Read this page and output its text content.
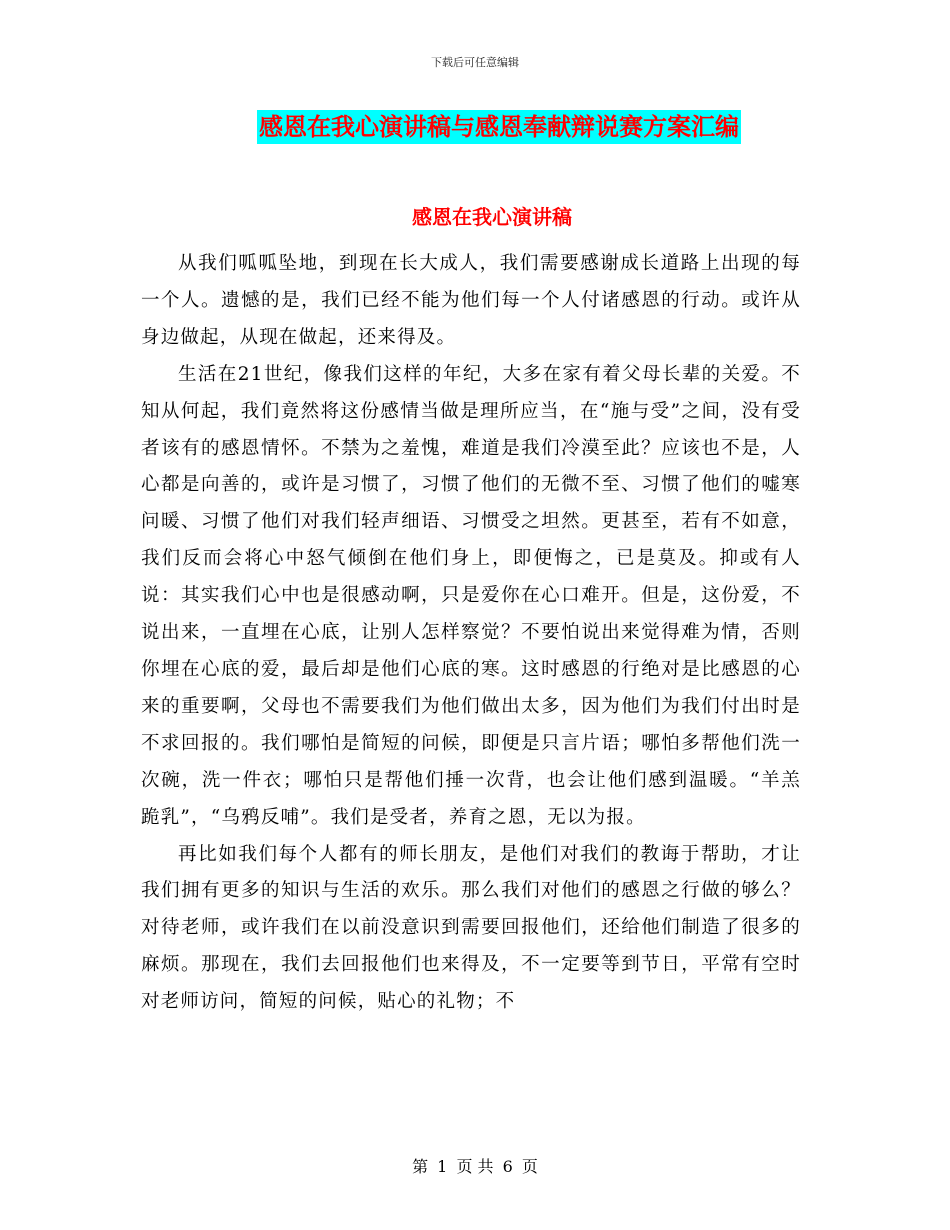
下载后可任意编辑
感恩在我心演讲稿与感恩奉献辩说赛方案汇编
感恩在我心演讲稿

从我们呱呱坠地，到现在长大成人，我们需要感谢成长道路上出现的每一个人。遗憾的是，我们已经不能为他们每一个人付诸感恩的行动。或许从身边做起，从现在做起，还来得及。

生活在21世纪，像我们这样的年纪，大多在家有着父母长辈的关爱。不知从何起，我们竟然将这份感情当做是理所应当，在“施与受”之间，没有受者该有的感恩情怀。不禁为之羞愧，难道是我们冷漠至此？应该也不是，人心都是向善的，或许是习惯了，习惯了他们的无微不至、习惯了他们的嘘寒问暖、习惯了他们对我们轻声细语、习惯受之坦然。更甚至，若有不如意，我们反而会将心中怒气倾倒在他们身上，即便悔之，已是莫及。抑或有人说：其实我们心中也是很感动啊，只是爱你在心口难开。但是，这份爱，不说出来，一直埋在心底，让别人怎样察觉？不要怕说出来觉得难为情，否则你埋在心底的爱，最后却是他们心底的寒。这时感恩的行绝对是比感恩的心来的重要啊，父母也不需要我们为他们做出太多，因为他们为我们付出时是不求回报的。我们哪怕是简短的问候，即便是只言片语；哪怕多帮他们洗一次碗，洗一件衣；哪怕只是帮他们捶一次背，也会让他们感到温暖。“羊羔跪乳”，“乌鸦反哺”。我们是受者，养育之恩，无以为报。

再比如我们每个人都有的师长朋友，是他们对我们的教诲于帮助，才让我们拥有更多的知识与生活的欢乐。那么我们对他们的感恩之行做的够么？对待老师，或许我们在以前没意识到需要回报他们，还给他们制造了很多的麻烦。那现在，我们去回报他们也来得及，不一定要等到节日，平常有空时对老师访问，简短的问候，贴心的礼物；不

第 1 页 共 6 页
